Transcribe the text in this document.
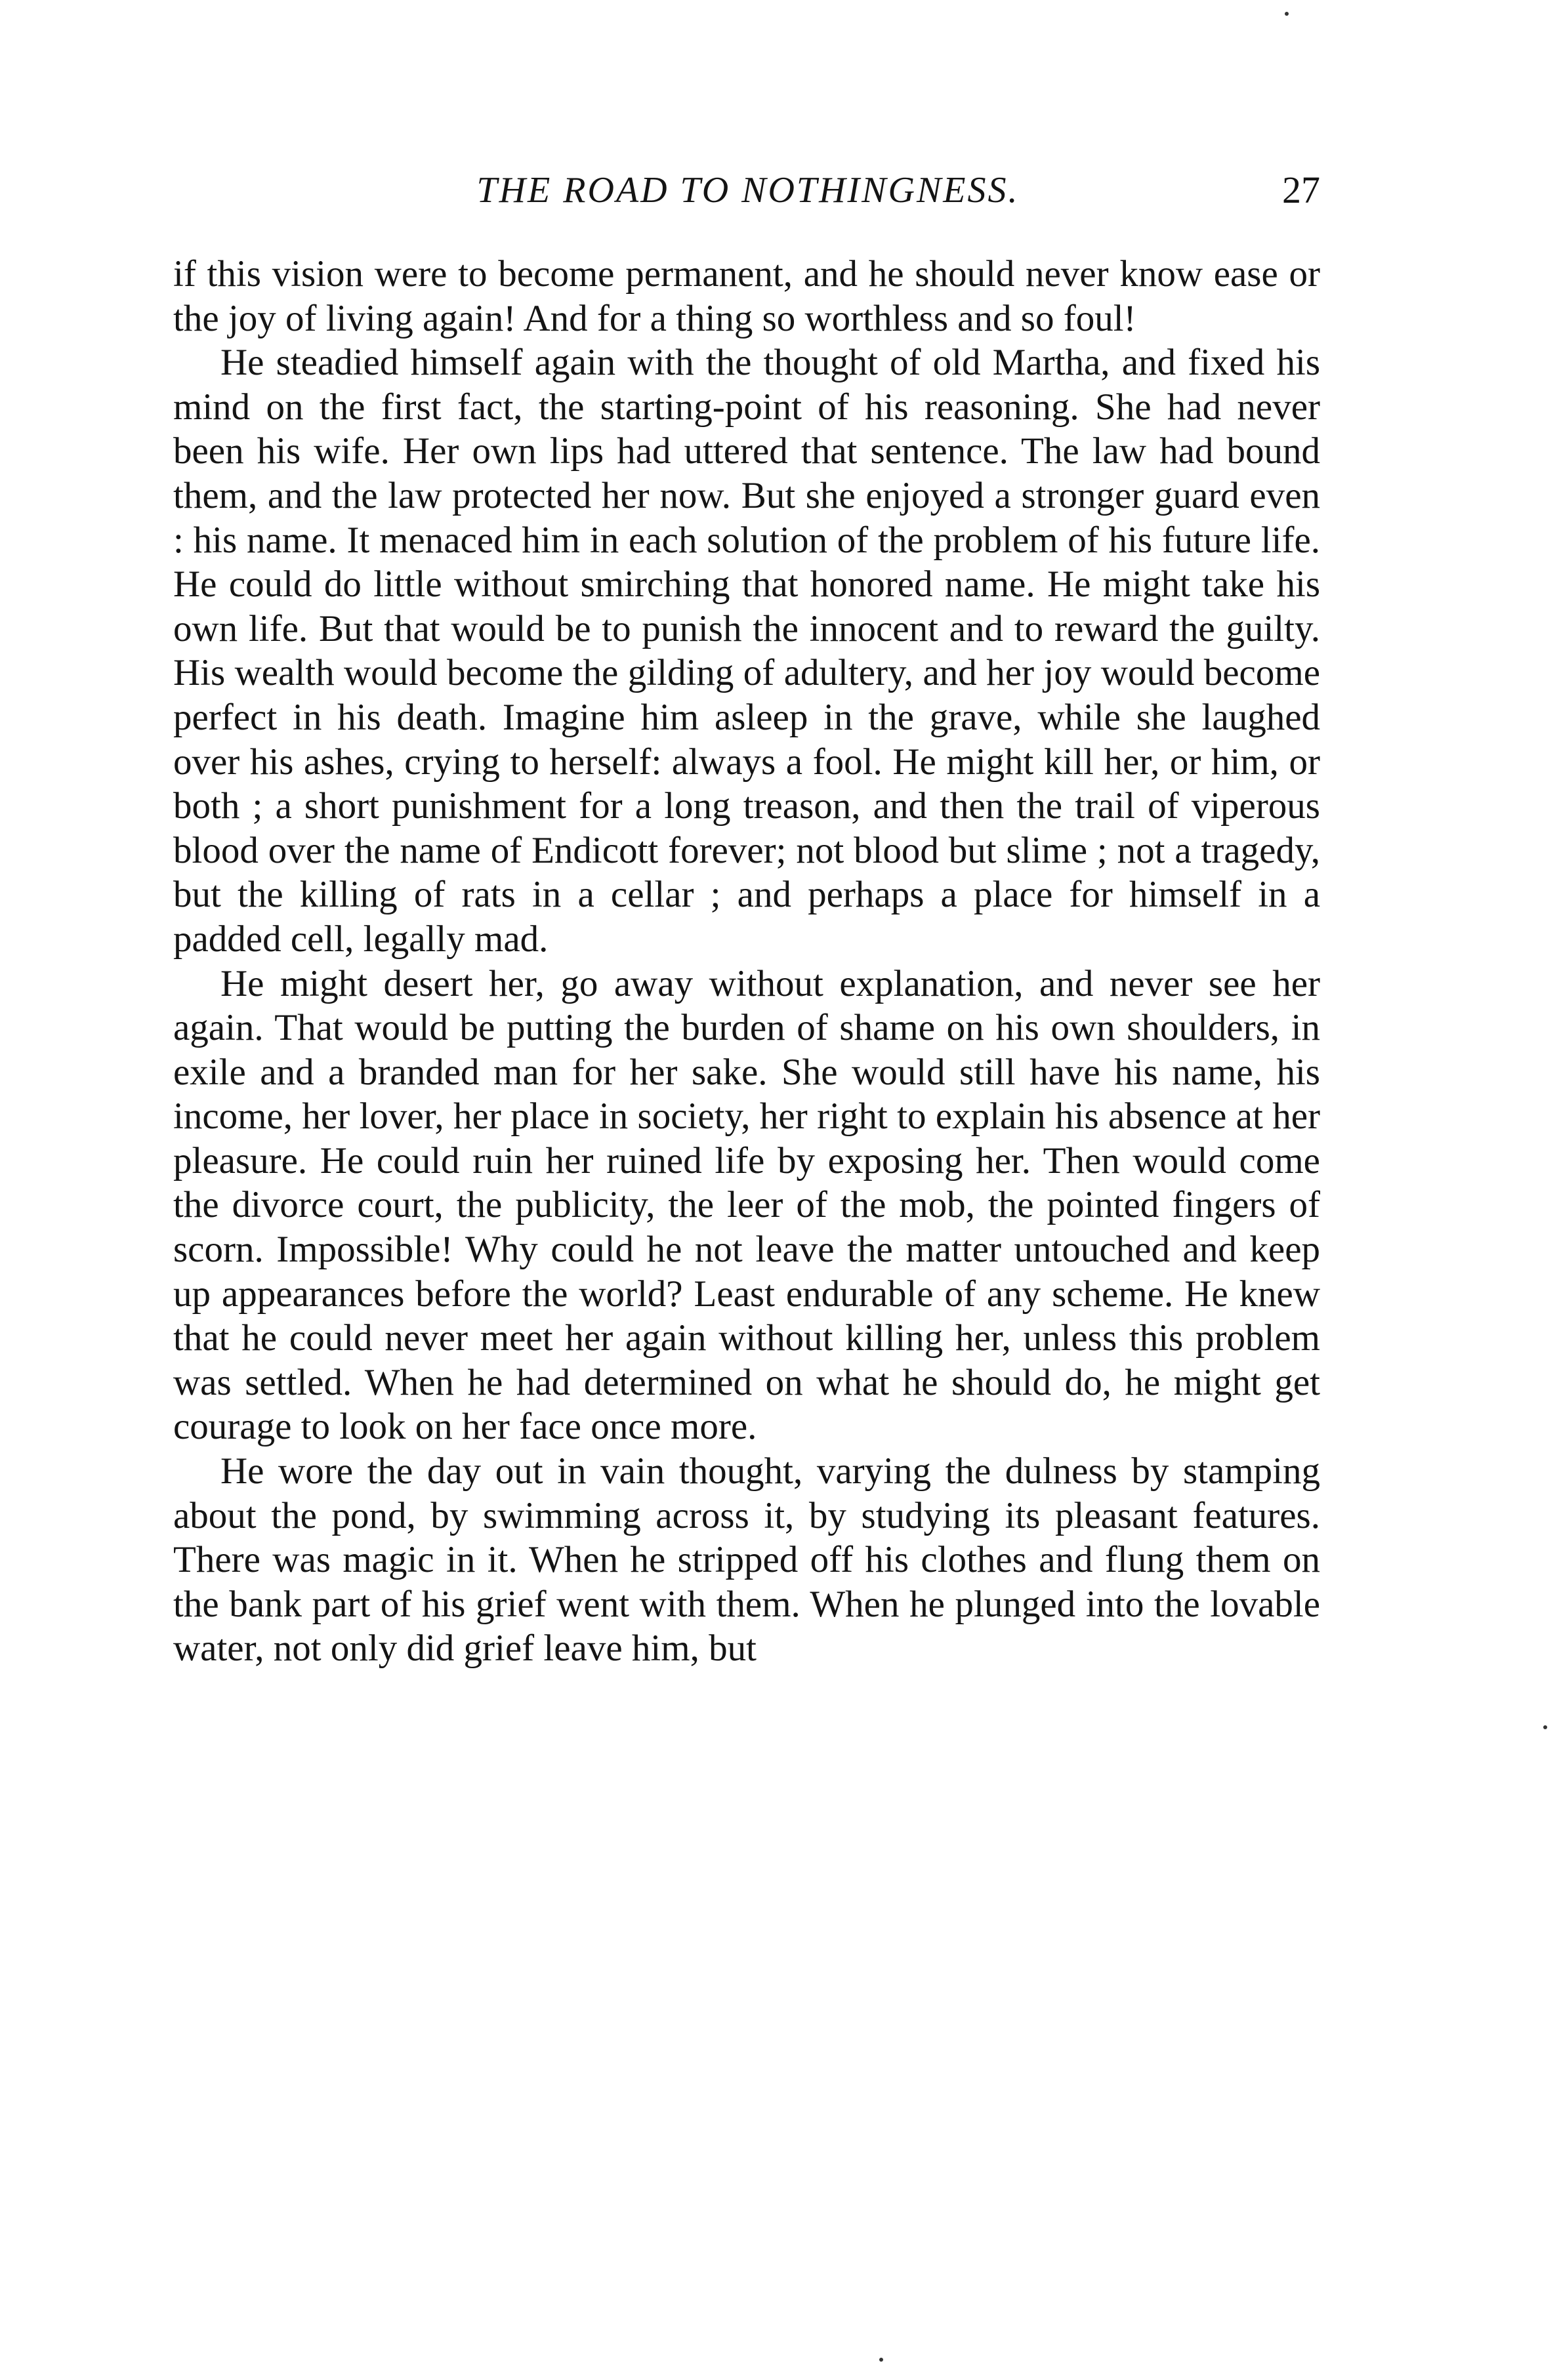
THE ROAD TO NOTHINGNESS.	27

if this vision were to become permanent, and he should never know ease or the joy of living again! And for a thing so worthless and so foul!

He steadied himself again with the thought of old Martha, and fixed his mind on the first fact, the starting-point of his reasoning. She had never been his wife. Her own lips had uttered that sentence. The law had bound them, and the law protected her now. But she enjoyed a stronger guard even : his name. It menaced him in each solution of the problem of his future life. He could do little without smirching that honored name. He might take his own life. But that would be to punish the innocent and to reward the guilty. His wealth would become the gilding of adultery, and her joy would become perfect in his death. Imagine him asleep in the grave, while she laughed over his ashes, crying to herself: always a fool. He might kill her, or him, or both ; a short punishment for a long treason, and then the trail of viperous blood over the name of Endicott forever; not blood but slime ; not a tragedy, but the killing of rats in a cellar ; and perhaps a place for himself in a padded cell, legally mad.

He might desert her, go away without explanation, and never see her again. That would be putting the burden of shame on his own shoulders, in exile and a branded man for her sake. She would still have his name, his income, her lover, her place in society, her right to explain his absence at her pleasure. He could ruin her ruined life by exposing her. Then would come the divorce court, the publicity, the leer of the mob, the pointed fingers of scorn. Impossible! Why could he not leave the matter untouched and keep up appearances before the world? Least endurable of any scheme. He knew that he could never meet her again without killing her, unless this problem was settled. When he had determined on what he should do, he might get courage to look on her face once more.

He wore the day out in vain thought, varying the dulness by stamping about the pond, by swimming across it, by studying its pleasant features. There was magic in it. When he stripped off his clothes and flung them on the bank part of his grief went with them. When he plunged into the lovable water, not only did grief leave him, but
